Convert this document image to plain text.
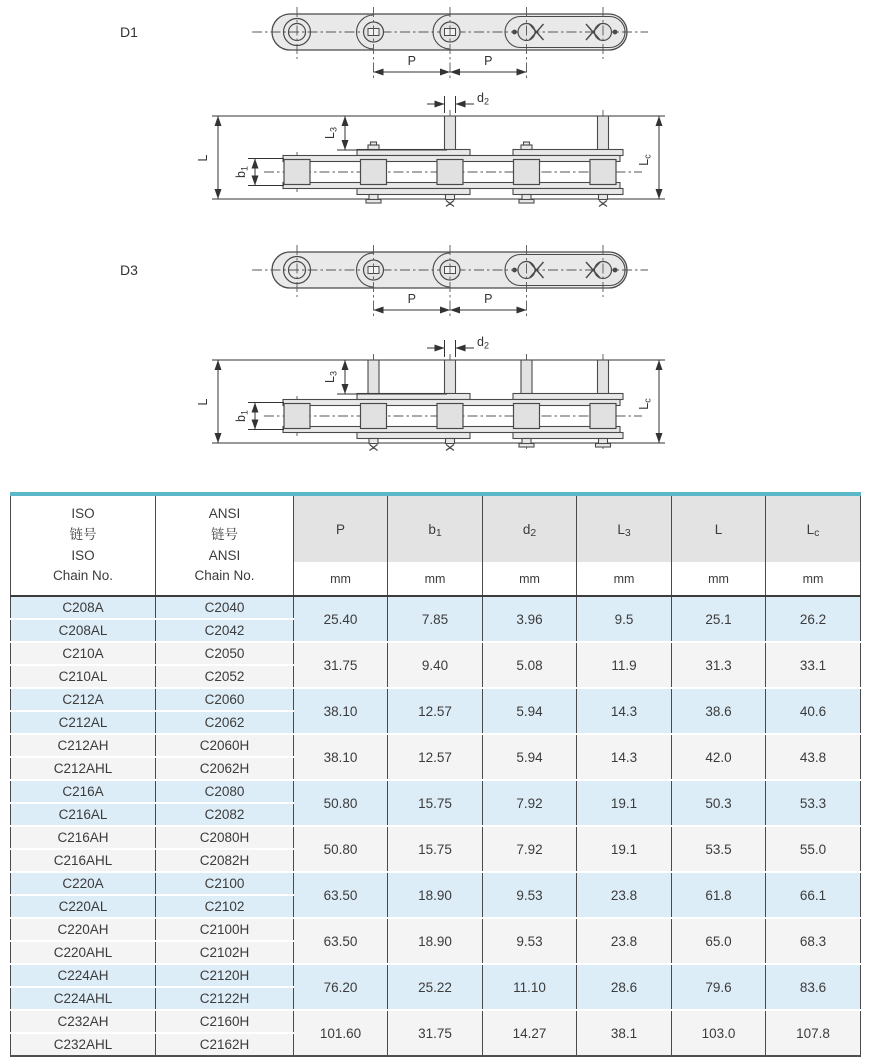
D1
P	P
L
$L_c$
$L_3$
$b_1$
$d_2$
D3
P	P
L
$L_c$
$L_3$
$b_1$
$d_2$
ISO
链号
ISO
Chain No.

ANSI
链号
ANSI
Chain No.
	P	$b_1$	$d_2$	$L_3$	L	$L_c$
		mm	mm	mm	mm	mm	mm
C208A	C2040	25.40	7.85	3.96	9.5	25.1	26.2
C208AL	C2042						
C210A	C2050	31.75	9.40	5.08	11.9	31.3	33.1
C210AL	C2052						
C212A	C2060	38.10	12.57	5.94	14.3	38.6	40.6
C212AL	C2062						
C212AH	C2060H	38.10	12.57	5.94	14.3	42.0	43.8
C212AHL	C2062H						
C216A	C2080	50.80	15.75	7.92	19.1	50.3	53.3
C216AL	C2082						
C216AH	C2080H	50.80	15.75	7.92	19.1	53.5	55.0
C216AHL	C2082H						
C220A	C2100	63.50	18.90	9.53	23.8	61.8	66.1
C220AL	C2102						
C220AH	C2100H	63.50	18.90	9.53	23.8	65.0	68.3
C220AHL	C2102H						
C224AH	C2120H	76.20	25.22	11.10	28.6	79.6	83.6
C224AHL	C2122H						
C232AH	C2160H	101.60	31.75	14.27	38.1	103.0	107.8
C232AHL	C2162H						
